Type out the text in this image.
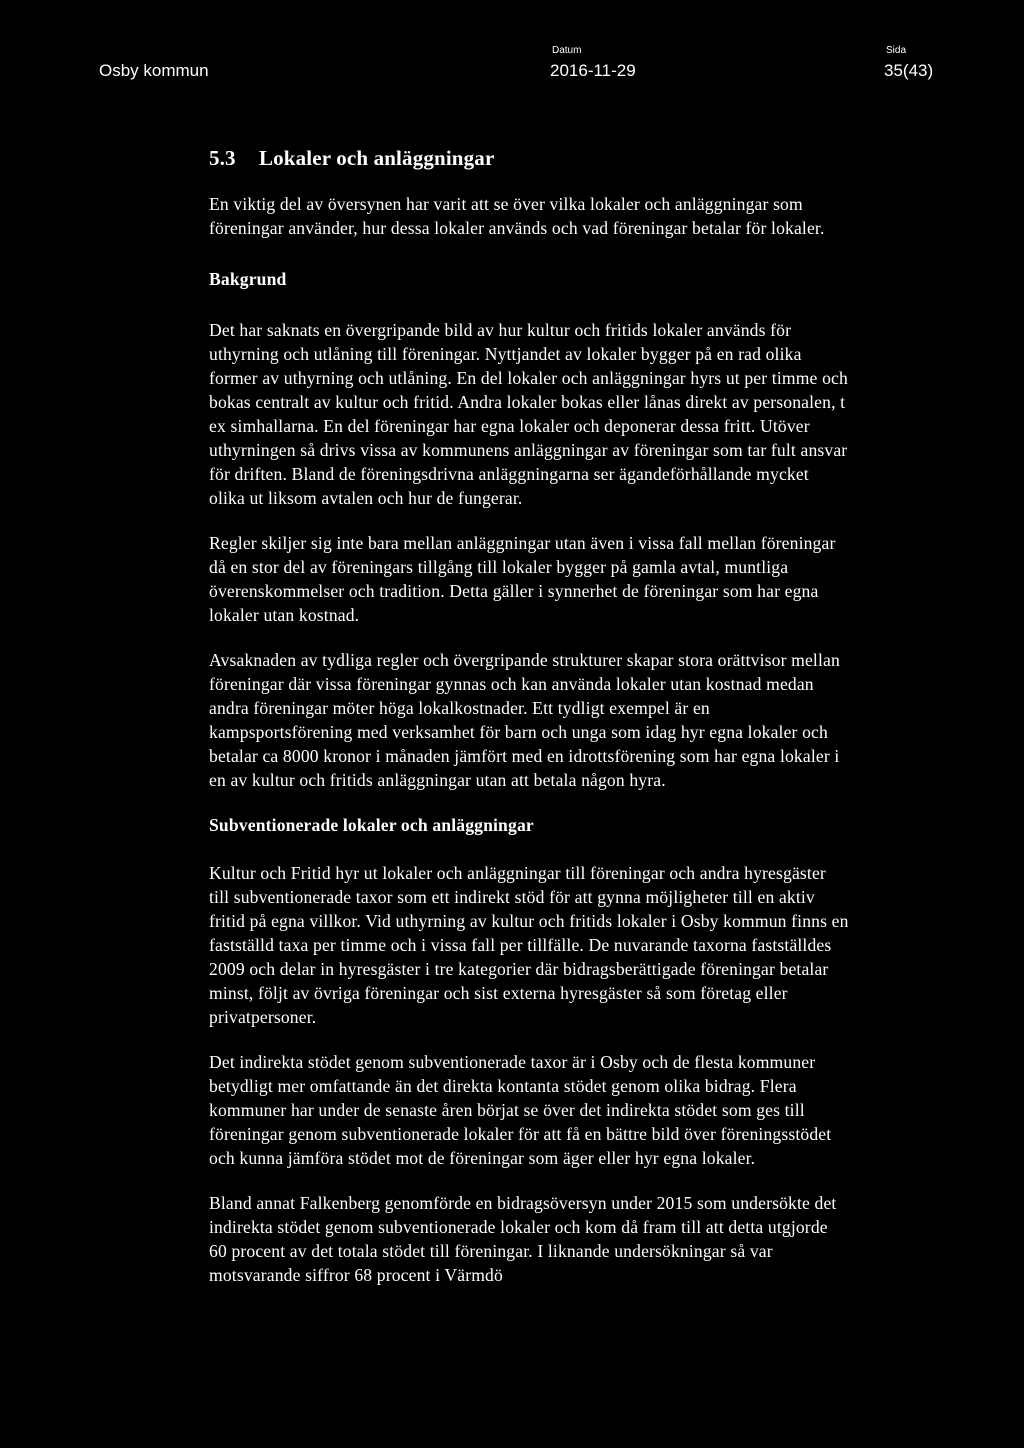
Osby kommun
Datum
2016-11-29
Sida
35(43)
5.3	Lokaler och anläggningar

En viktig del av översynen har varit att se över vilka lokaler och anläggningar som föreningar använder, hur dessa lokaler används och vad föreningar betalar för lokaler.

Bakgrund

Det har saknats en övergripande bild av hur kultur och fritids lokaler används för uthyrning och utlåning till föreningar. Nyttjandet av lokaler bygger på en rad olika former av uthyrning och utlåning. En del lokaler och anläggningar hyrs ut per timme och bokas centralt av kultur och fritid. Andra lokaler bokas eller lånas direkt av personalen, t ex simhallarna. En del föreningar har egna lokaler och deponerar dessa fritt. Utöver uthyrningen så drivs vissa av kommunens anläggningar av föreningar som tar fult ansvar för driften. Bland de föreningsdrivna anläggningarna ser ägandeförhållande mycket olika ut liksom avtalen och hur de fungerar.

Regler skiljer sig inte bara mellan anläggningar utan även i vissa fall mellan föreningar då en stor del av föreningars tillgång till lokaler bygger på gamla avtal, muntliga överenskommelser och tradition. Detta gäller i synnerhet de föreningar som har egna lokaler utan kostnad.

Avsaknaden av tydliga regler och övergripande strukturer skapar stora orättvisor mellan föreningar där vissa föreningar gynnas och kan använda lokaler utan kostnad medan andra föreningar möter höga lokalkostnader. Ett tydligt exempel är en kampsportsförening med verksamhet för barn och unga som idag hyr egna lokaler och betalar ca 8000 kronor i månaden jämfört med en idrottsförening som har egna lokaler i en av kultur och fritids anläggningar utan att betala någon hyra.

Subventionerade lokaler och anläggningar

Kultur och Fritid hyr ut lokaler och anläggningar till föreningar och andra hyresgäster till subventionerade taxor som ett indirekt stöd för att gynna möjligheter till en aktiv fritid på egna villkor. Vid uthyrning av kultur och fritids lokaler i Osby kommun finns en fastställd taxa per timme och i vissa fall per tillfälle. De nuvarande taxorna fastställdes 2009 och delar in hyresgäster i tre kategorier där bidragsberättigade föreningar betalar minst, följt av övriga föreningar och sist externa hyresgäster så som företag eller privatpersoner.

Det indirekta stödet genom subventionerade taxor är i Osby och de flesta kommuner betydligt mer omfattande än det direkta kontanta stödet genom olika bidrag. Flera kommuner har under de senaste åren börjat se över det indirekta stödet som ges till föreningar genom subventionerade lokaler för att få en bättre bild över föreningsstödet och kunna jämföra stödet mot de föreningar som äger eller hyr egna lokaler.

Bland annat Falkenberg genomförde en bidragsöversyn under 2015 som undersökte det indirekta stödet genom subventionerade lokaler och kom då fram till att detta utgjorde 60 procent av det totala stödet till föreningar. I liknande undersökningar så var motsvarande siffror 68 procent i Värmdö
